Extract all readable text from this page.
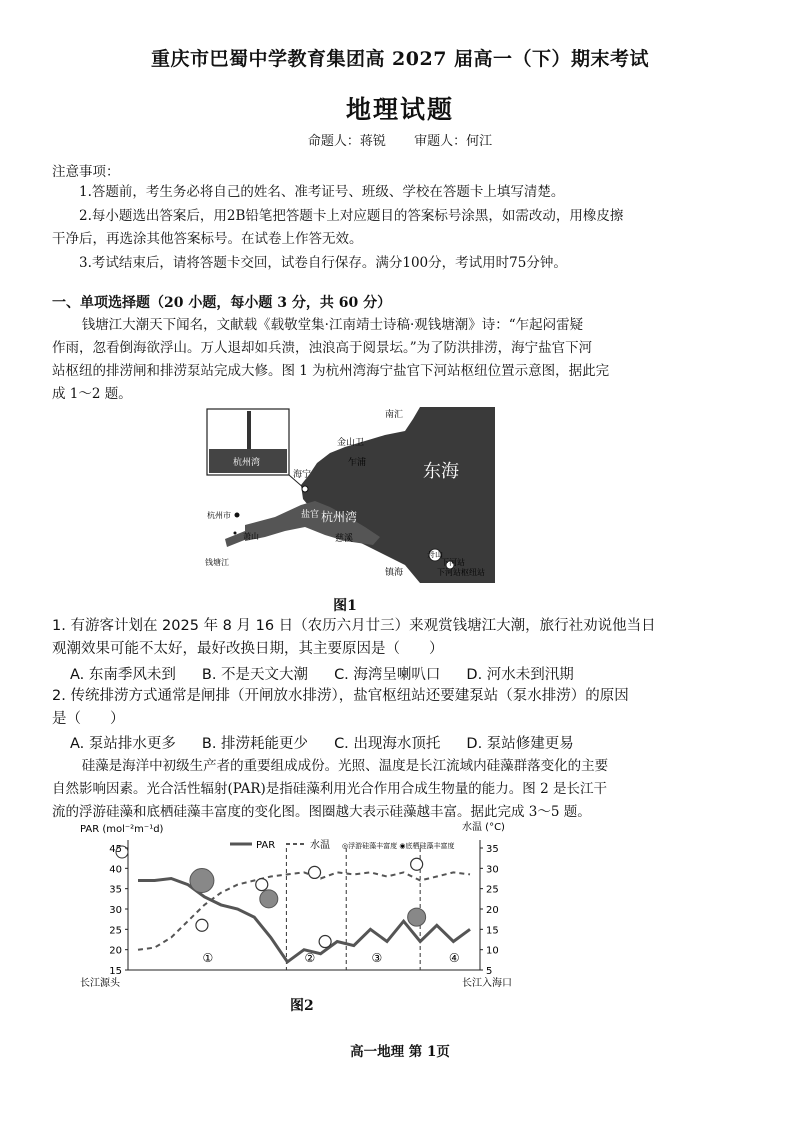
重庆市巴蜀中学教育集团高 2027 届高一（下）期末考试
地理试题
命题人：蒋锐 审题人：何江
注意事项：
1.答题前，考生务必将自己的姓名、准考证号、班级、学校在答题卡上填写清楚。
2.每小题选出答案后，用2B铅笔把答题卡上对应题目的答案标号涂黑，如需改动，用橡皮擦
干净后，再选涂其他答案标号。在试卷上作答无效。
3.考试结束后，请将答题卡交回，试卷自行保存。满分100分，考试用时75分钟。
一、单项选择题（20 小题，每小题 3 分，共 60 分）
钱塘江大潮天下闻名，文献载《载敬堂集·江南靖士诗稿·观钱塘潮》诗：“乍起闷雷疑
作雨，忽看倒海欲浮山。万人退却如兵溃，浊浪高于阅景坛。”为了防洪排涝，海宁盐官下河
站枢纽的排涝闸和排涝泵站完成大修。图 1 为杭州湾海宁盐官下河站枢纽位置示意图，据此完
成 1～2 题。
杭州湾
南汇
金山卫
乍浦
海宁
盐官 杭州湾
东海
杭州市
萧山	慈溪
镇海
舟山
钱塘江	下河站
下河站枢纽站
图1
1. 有游客计划在 2025 年 8 月 16 日（农历六月廿三）来观赏钱塘江大潮，旅行社劝说他当日
观潮效果可能不太好，最好改换日期，其主要原因是（　　）
A. 东南季风未到 B. 不是天文大潮 C. 海湾呈喇叭口 D. 河水未到汛期
2. 传统排涝方式通常是闸排（开闸放水排涝），盐官枢纽站还要建泵站（泵水排涝）的原因
是（　　）
A. 泵站排水更多 B. 排涝耗能更少 C. 出现海水顶托 D. 泵站修建更易
硅藻是海洋中初级生产者的重要组成成份。光照、温度是长江流域内硅藻群落变化的主要
自然影响因素。光合活性辐射(PAR)是指硅藻利用光合作用合成生物量的能力。图 2 是长江干
流的浮游硅藻和底栖硅藻丰富度的变化图。图圈越大表示硅藻越丰富。据此完成 3～5 题。
45
40
35
30
25
20
15
35
30
25
20
15
10
5
PAR (mol⁻²m⁻¹d)	水温 (°C)
PAR	水温 ◎浮游硅藻丰富度 ◉底栖硅藻丰富度
①	②	③	④
长江源头	长江入海口
图2
高一地理 第 1页
